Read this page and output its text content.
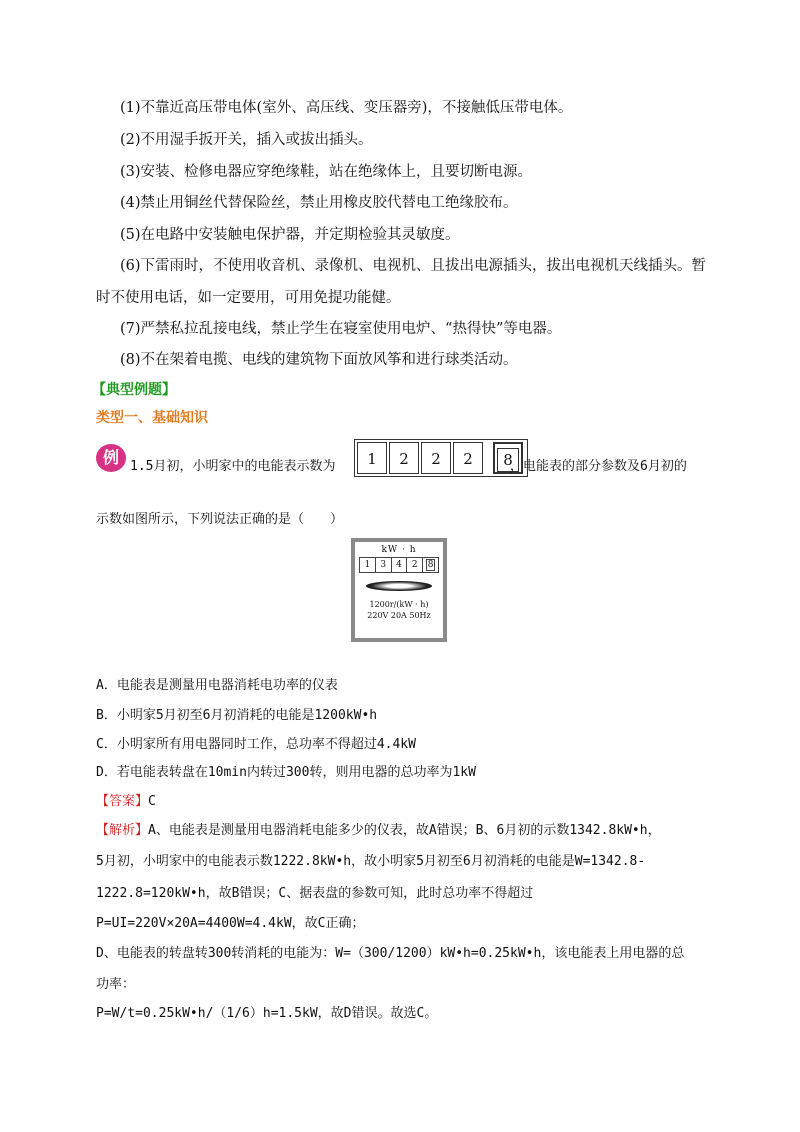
(1)不靠近高压带电体(室外、高压线、变压器旁)，不接触低压带电体。
(2)不用湿手扳开关，插入或拔出插头。
(3)安装、检修电器应穿绝缘鞋，站在绝缘体上，且要切断电源。
(4)禁止用铜丝代替保险丝，禁止用橡皮胶代替电工绝缘胶布。
(5)在电路中安装触电保护器，并定期检验其灵敏度。
(6)下雷雨时，不使用收音机、录像机、电视机、且拔出电源插头，拔出电视机天线插头。暂
时不使用电话，如一定要用，可用免提功能健。
(7)严禁私拉乱接电线，禁止学生在寝室使用电炉、“热得快”等电器。
(8)不在架着电揽、电线的建筑物下面放风筝和进行球类活动。
【典型例题】
类型一、基础知识
例 1.5月初，小明家中的电能表示数为	1	2	2	2	8
，电能表的部分参数及6月初的
示数如图所示，下列说法正确的是（　　）
kW · h
1	3	4	2	8
1200r/(kW · h)
220V 20A 50Hz
A．电能表是测量用电器消耗电功率的仪表
B．小明家5月初至6月初消耗的电能是1200kW•h
C．小明家所有用电器同时工作，总功率不得超过4.4kW
D．若电能表转盘在10min内转过300转，则用电器的总功率为1kW
【答案】C
【解析】A、电能表是测量用电器消耗电能多少的仪表，故A错误；B、6月初的示数1342.8kW•h，
5月初，小明家中的电能表示数1222.8kW•h，故小明家5月初至6月初消耗的电能是W=1342.8-
1222.8=120kW•h，故B错误；C、据表盘的参数可知，此时总功率不得超过
P=UI=220V×20A=4400W=4.4kW，故C正确；
D、电能表的转盘转300转消耗的电能为：W=（300/1200）kW•h=0.25kW•h，该电能表上用电器的总
功率：
P=W/t=0.25kW•h/（1/6）h=1.5kW，故D错误。故选C。
